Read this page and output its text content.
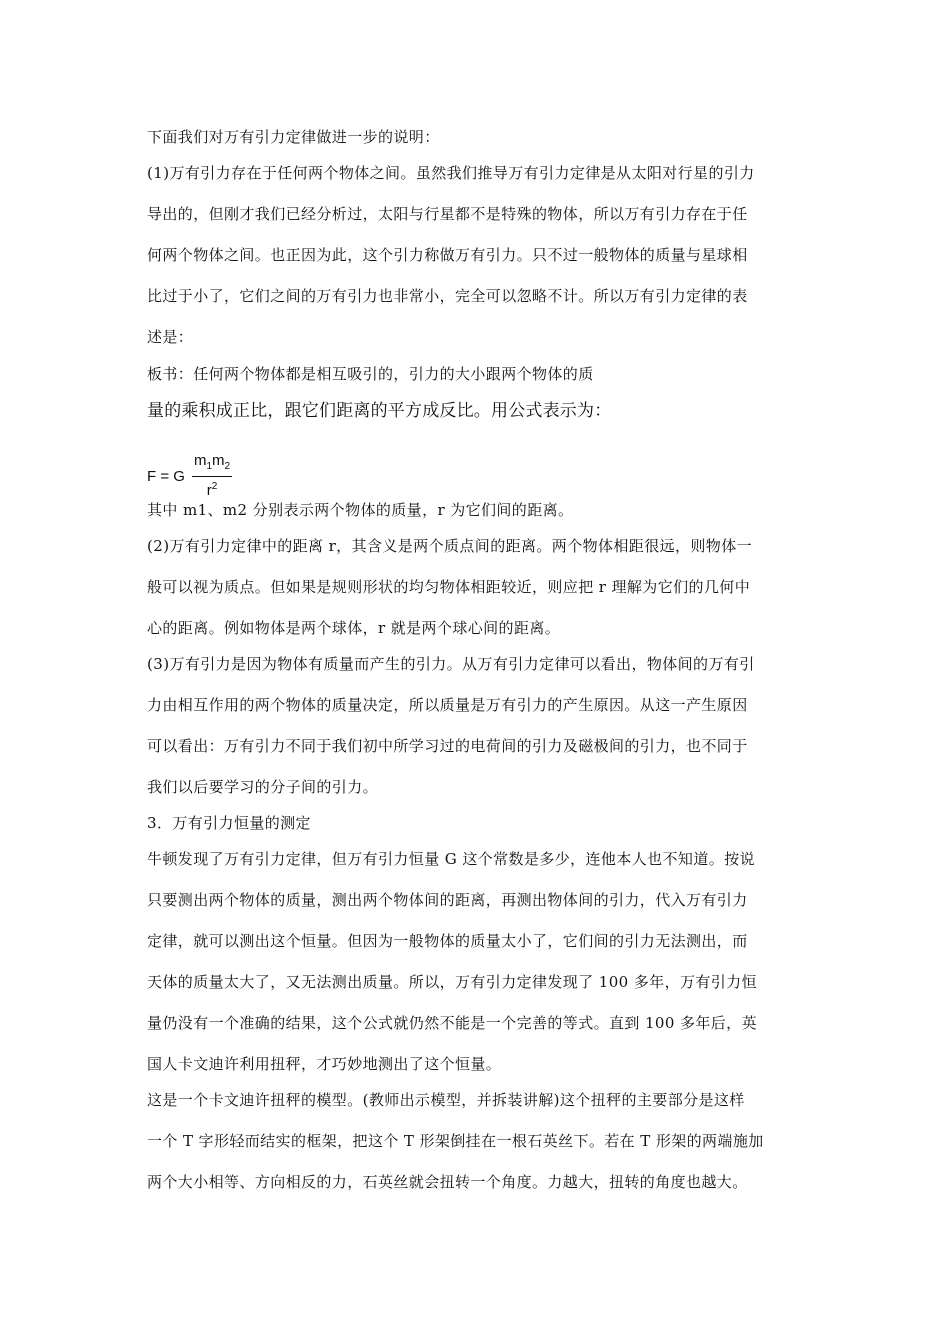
下面我们对万有引力定律做进一步的说明：
(1)万有引力存在于任何两个物体之间。虽然我们推导万有引力定律是从太阳对行星的引力
导出的，但刚才我们已经分析过，太阳与行星都不是特殊的物体，所以万有引力存在于任
何两个物体之间。也正因为此，这个引力称做万有引力。只不过一般物体的质量与星球相
比过于小了，它们之间的万有引力也非常小，完全可以忽略不计。所以万有引力定律的表
述是：
板书：任何两个物体都是相互吸引的，引力的大小跟两个物体的质
量的乘积成正比，跟它们距离的平方成反比。用公式表示为：
F = G $\frac{m_1m_2}{r^2}$
其中 m1、m2 分别表示两个物体的质量，r 为它们间的距离。
(2)万有引力定律中的距离 r，其含义是两个质点间的距离。两个物体相距很远，则物体一
般可以视为质点。但如果是规则形状的均匀物体相距较近，则应把 r 理解为它们的几何中
心的距离。例如物体是两个球体，r 就是两个球心间的距离。
(3)万有引力是因为物体有质量而产生的引力。从万有引力定律可以看出，物体间的万有引
力由相互作用的两个物体的质量决定，所以质量是万有引力的产生原因。从这一产生原因
可以看出：万有引力不同于我们初中所学习过的电荷间的引力及磁极间的引力，也不同于
我们以后要学习的分子间的引力。
3．万有引力恒量的测定
牛顿发现了万有引力定律，但万有引力恒量 G 这个常数是多少，连他本人也不知道。按说
只要测出两个物体的质量，测出两个物体间的距离，再测出物体间的引力，代入万有引力
定律，就可以测出这个恒量。但因为一般物体的质量太小了，它们间的引力无法测出，而
天体的质量太大了，又无法测出质量。所以，万有引力定律发现了 100 多年，万有引力恒
量仍没有一个准确的结果，这个公式就仍然不能是一个完善的等式。直到 100 多年后，英
国人卡文迪许利用扭秤，才巧妙地测出了这个恒量。
这是一个卡文迪许扭秤的模型。(教师出示模型，并拆装讲解)这个扭秤的主要部分是这样
一个 T 字形轻而结实的框架，把这个 T 形架倒挂在一根石英丝下。若在 T 形架的两端施加
两个大小相等、方向相反的力，石英丝就会扭转一个角度。力越大，扭转的角度也越大。
